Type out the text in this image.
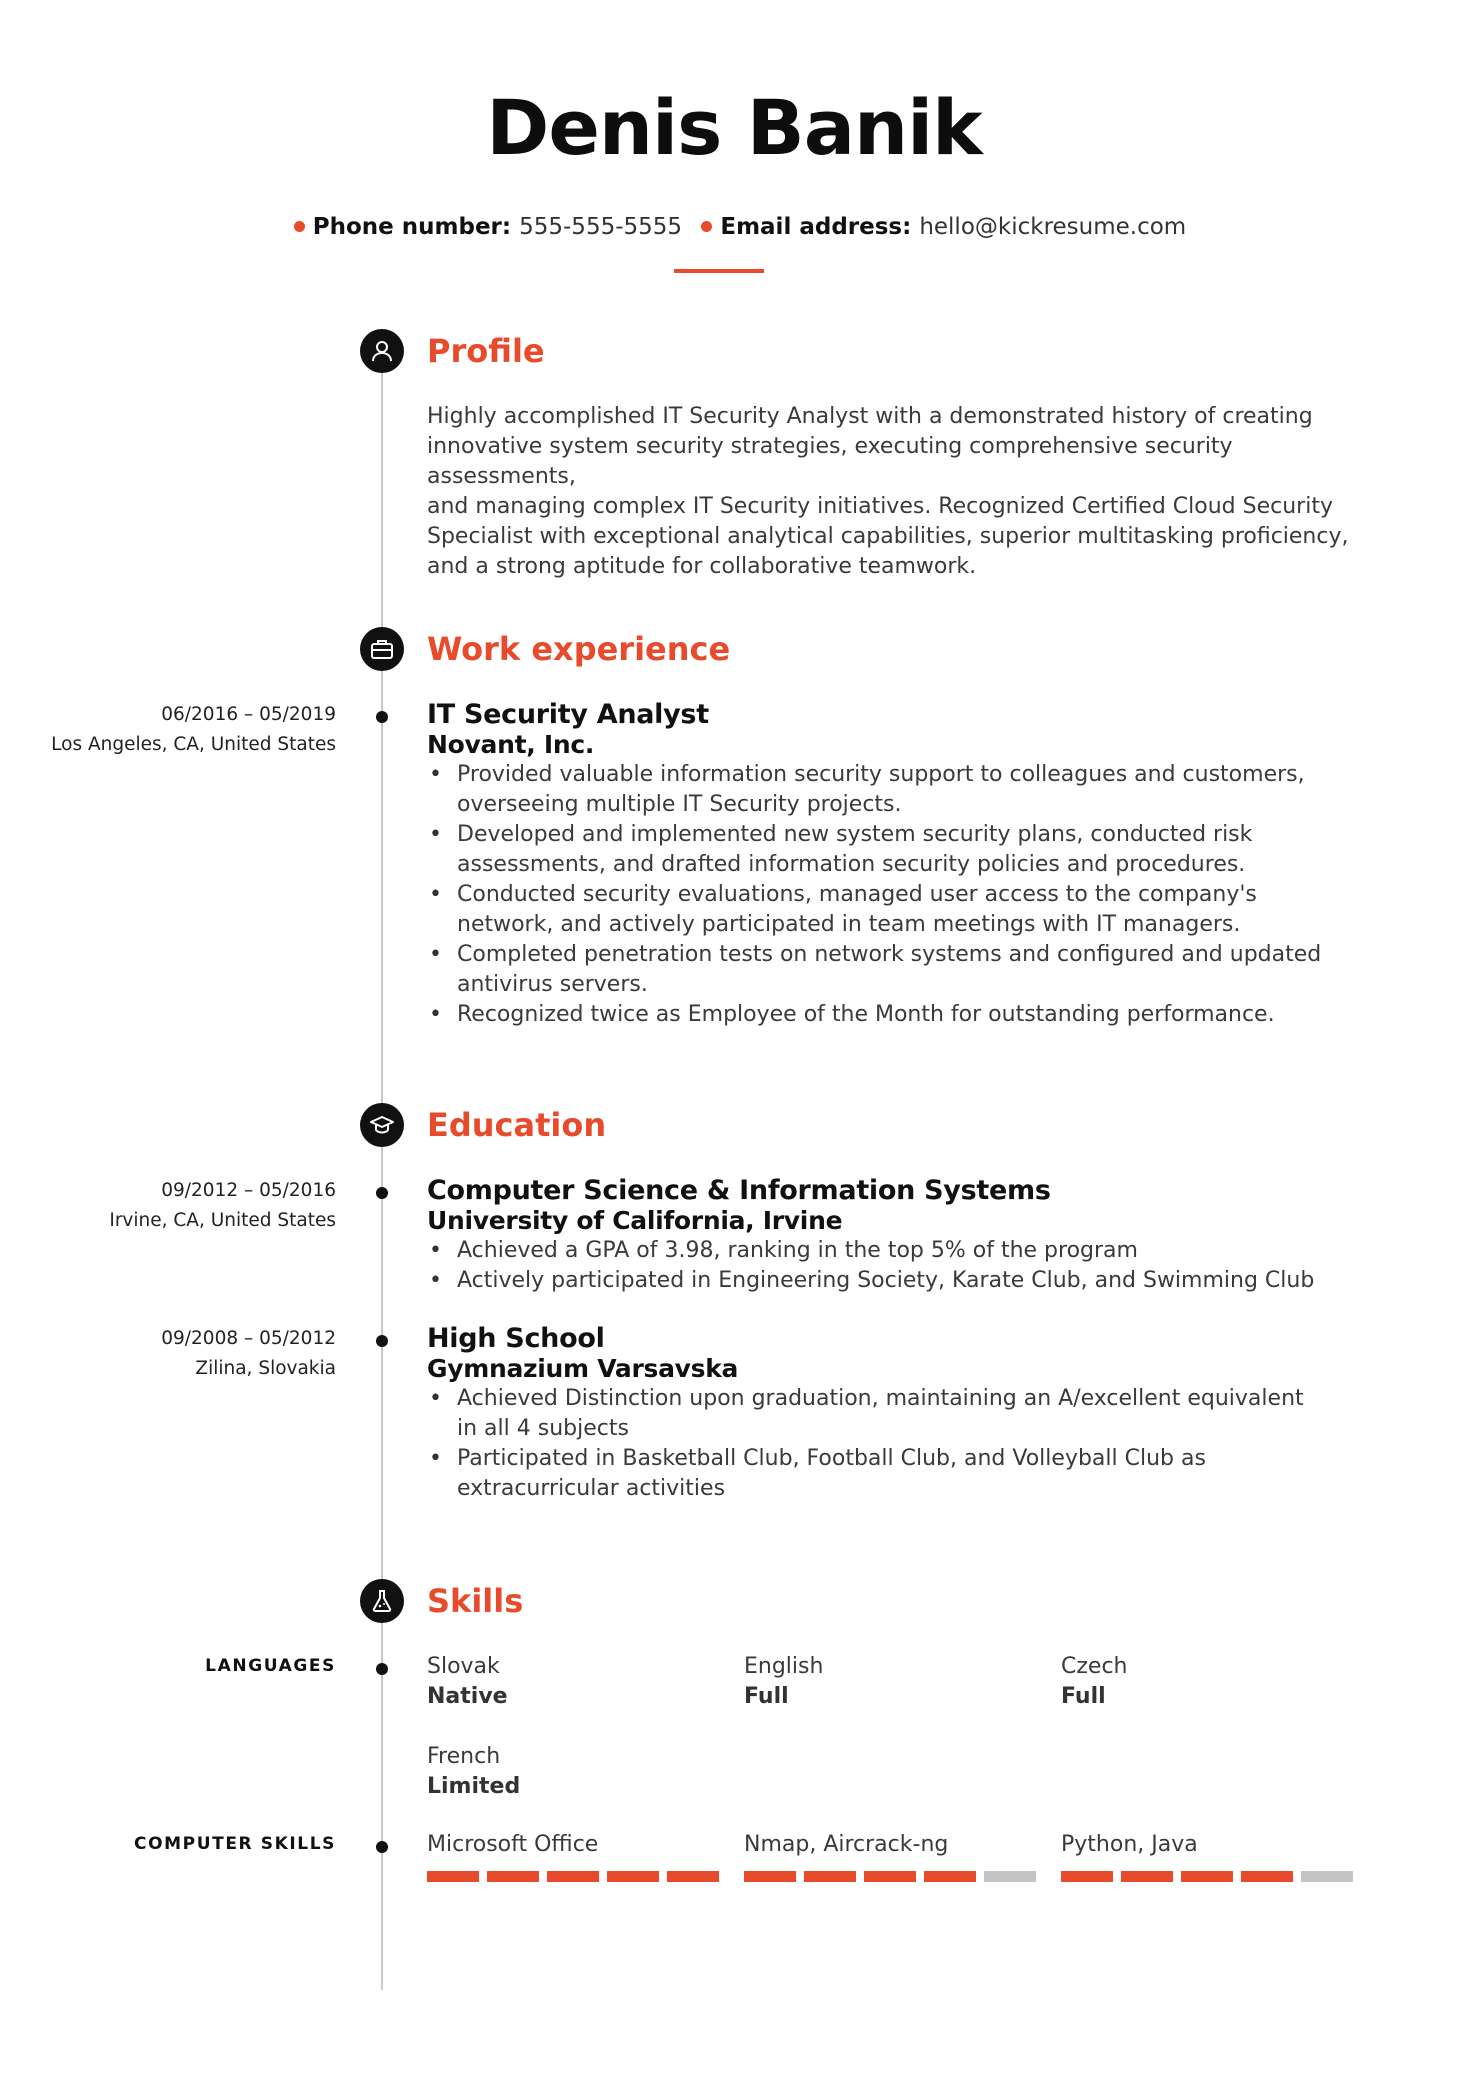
Denis Banik
Phone number: 555-555-5555 Email address: hello@kickresume.com
Profile
Highly accomplished IT Security Analyst with a demonstrated history of creating
innovative system security strategies, executing comprehensive security assessments,
and managing complex IT Security initiatives. Recognized Certified Cloud Security
Specialist with exceptional analytical capabilities, superior multitasking proficiency,
and a strong aptitude for collaborative teamwork.
Work experience
06/2016 – 05/2019
Los Angeles, CA, United States
IT Security Analyst
Novant, Inc.
• Provided valuable information security support to colleagues and customers,
overseeing multiple IT Security projects.
• Developed and implemented new system security plans, conducted risk
assessments, and drafted information security policies and procedures.
• Conducted security evaluations, managed user access to the company's
network, and actively participated in team meetings with IT managers.
• Completed penetration tests on network systems and configured and updated
antivirus servers.
• Recognized twice as Employee of the Month for outstanding performance.
Education
09/2012 – 05/2016
Irvine, CA, United States
Computer Science & Information Systems
University of California, Irvine
• Achieved a GPA of 3.98, ranking in the top 5% of the program
• Actively participated in Engineering Society, Karate Club, and Swimming Club
09/2008 – 05/2012
Zilina, Slovakia
High School
Gymnazium Varsavska
• Achieved Distinction upon graduation, maintaining an A/excellent equivalent
in all 4 subjects
• Participated in Basketball Club, Football Club, and Volleyball Club as
extracurricular activities
Skills
LANGUAGES	Slovak
Native
English
Full
Czech
Full
French
Limited
COMPUTER SKILLS	Microsoft Office	Nmap, Aircrack-ng	Python, Java
